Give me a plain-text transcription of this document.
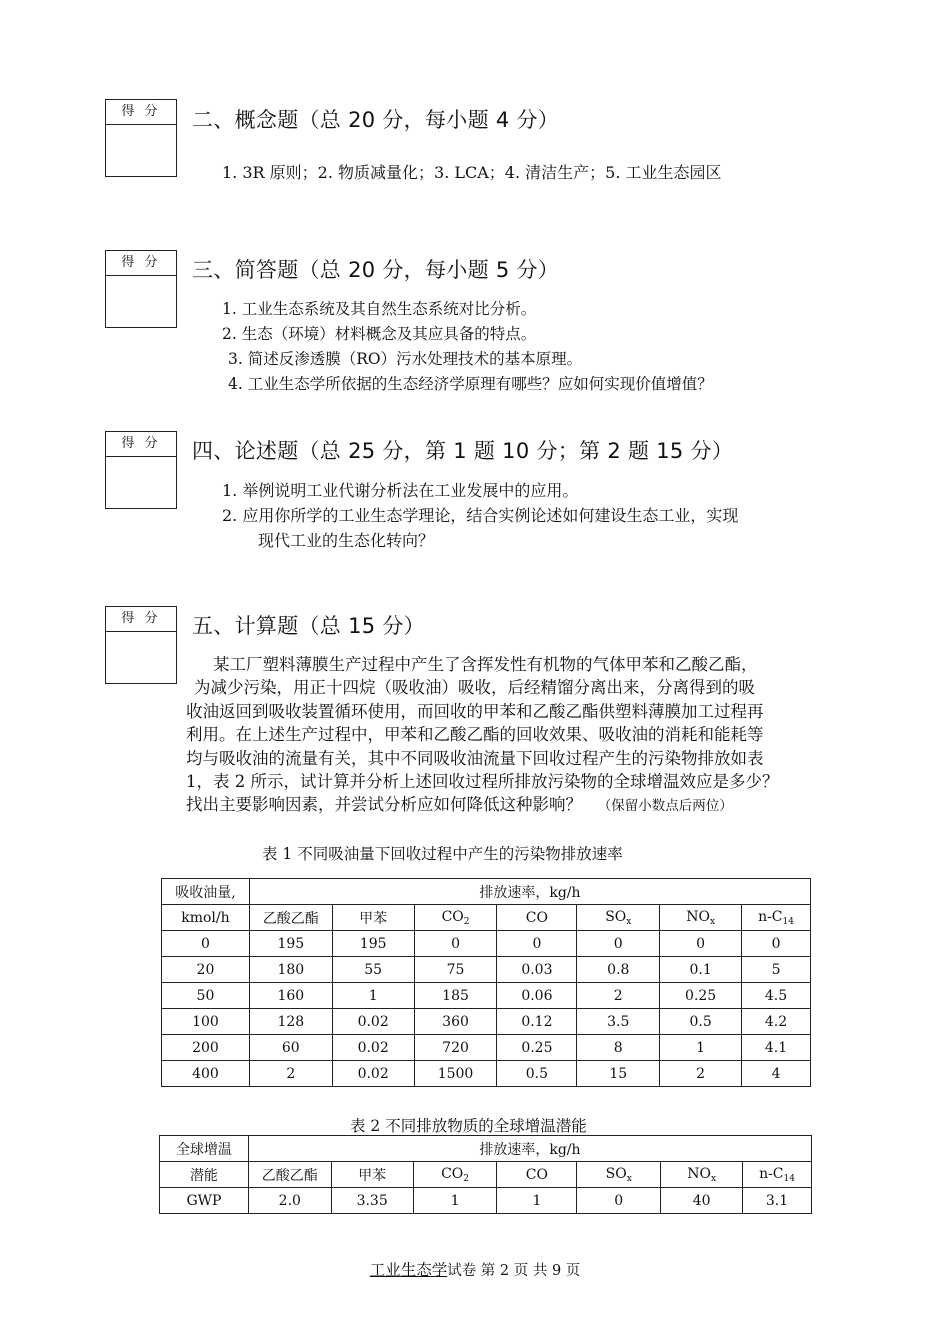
得 分	二、概念题（总 20 分，每小题 4 分）
1. 3R 原则；2. 物质减量化；3. LCA；4. 清洁生产；5. 工业生态园区
得 分	三、简答题（总 20 分，每小题 5 分）
1. 工业生态系统及其自然生态系统对比分析。
2. 生态（环境）材料概念及其应具备的特点。
3. 简述反渗透膜（RO）污水处理技术的基本原理。
4. 工业生态学所依据的生态经济学原理有哪些？应如何实现价值增值？
得 分	四、论述题（总 25 分，第 1 题 10 分；第 2 题 15 分）
1. 举例说明工业代谢分析法在工业发展中的应用。
2. 应用你所学的工业生态学理论，结合实例论述如何建设生态工业，实现
现代工业的生态化转向？
得 分	五、计算题（总 15 分）
某工厂塑料薄膜生产过程中产生了含挥发性有机物的气体甲苯和乙酸乙酯，
为减少污染，用正十四烷（吸收油）吸收，后经精馏分离出来，分离得到的吸
收油返回到吸收装置循环使用，而回收的甲苯和乙酸乙酯供塑料薄膜加工过程再
利用。在上述生产过程中，甲苯和乙酸乙酯的回收效果、吸收油的消耗和能耗等
均与吸收油的流量有关，其中不同吸收油流量下回收过程产生的污染物排放如表
1，表 2 所示，试计算并分析上述回收过程所排放污染物的全球增温效应是多少？
找出主要影响因素，并尝试分析应如何降低这种影响？ （保留小数点后两位）
表 1 不同吸油量下回收过程中产生的污染物排放速率
吸收油量,	排放速率，kg/h						
kmol/h	乙酸乙酯	甲苯	$CO_2$	CO	$SO_x$	$NO_x$	$n-C_{14}$
0	195	195	0	0	0	0	0
20	180	55	75	0.03	0.8	0.1	5
50	160	1	185	0.06	2	0.25	4.5
100	128	0.02	360	0.12	3.5	0.5	4.2
200	60	0.02	720	0.25	8	1	4.1
400	2	0.02	1500	0.5	15	2	4
表 2 不同排放物质的全球增温潜能
全球增温	排放速率，kg/h						
潜能	乙酸乙酯	甲苯	$CO_2$	CO	$SO_x$	$NO_x$	$n-C_{14}$
GWP	2.0	3.35	1	1	0	40	3.1
工业生态学试卷 第 2 页 共 9 页
